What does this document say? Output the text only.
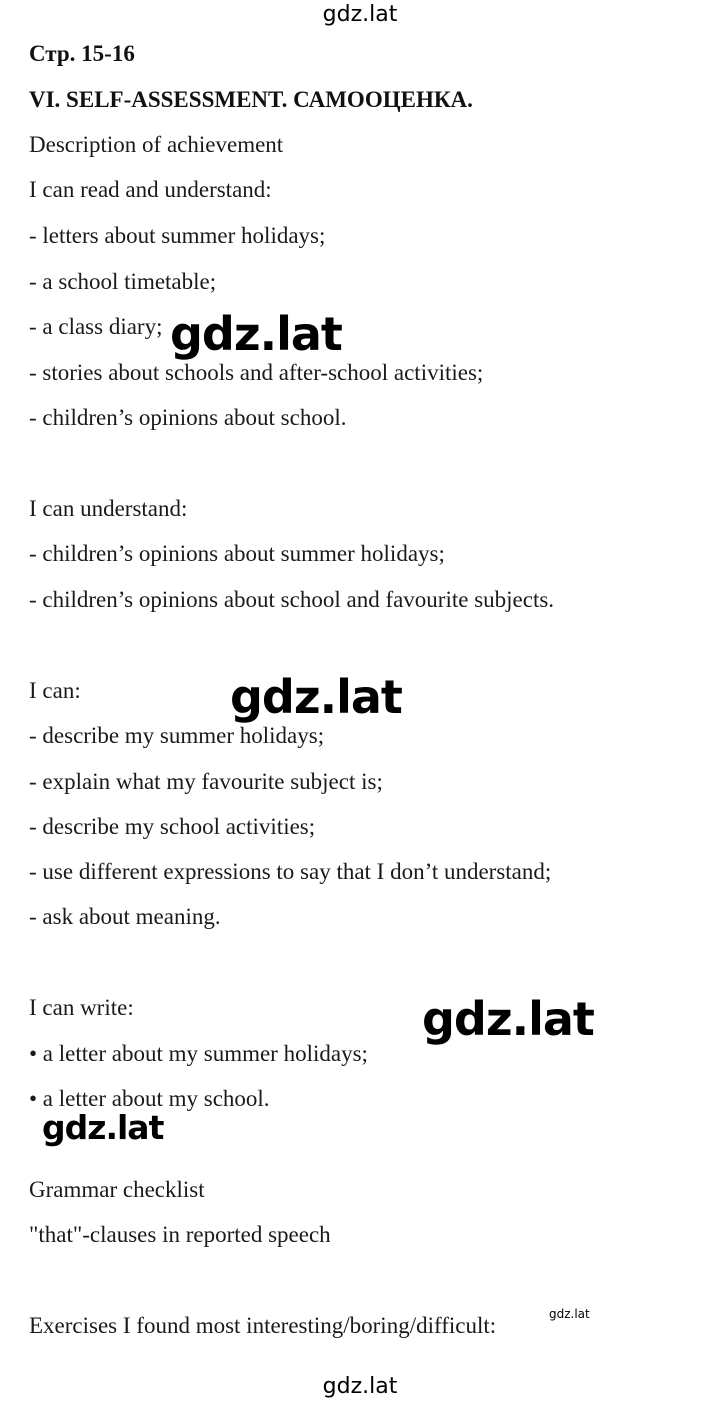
gdz.lat
Стр. 15-16
VI. SELF-ASSESSMENT. САМООЦЕНКА.
Description of achievement
I can read and understand:
- letters about summer holidays;
- a school timetable;
- a class diary;
- stories about schools and after-school activities;
- children’s opinions about school.
I can understand:
- children’s opinions about summer holidays;
- children’s opinions about school and favourite subjects.
I can:
- describe my summer holidays;
- explain what my favourite subject is;
- describe my school activities;
- use different expressions to say that I don’t understand;
- ask about meaning.
I can write:
• a letter about my summer holidays;
• a letter about my school.
Grammar checklist
"that"-clauses in reported speech
Exercises I found most interesting/boring/difficult:
gdz.lat
gdz.lat
gdz.lat
gdz.lat
gdz.lat
gdz.lat
